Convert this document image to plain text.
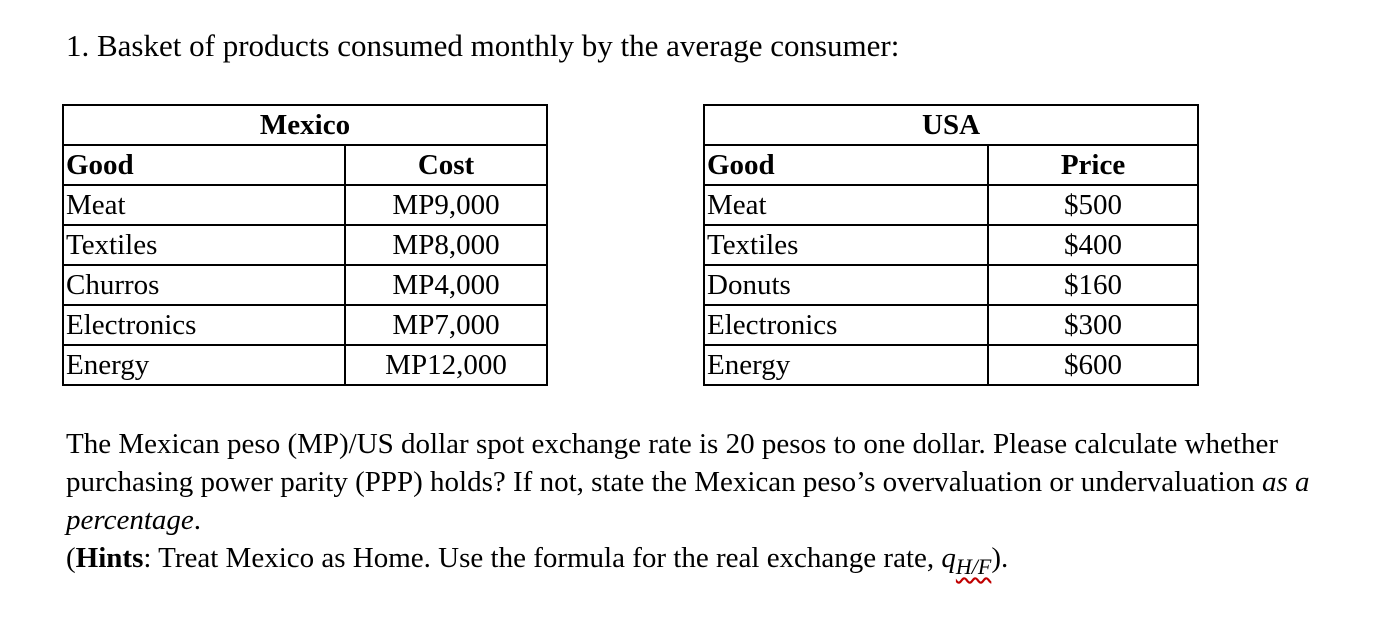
1. Basket of products consumed monthly by the average consumer:
Mexico	
Good	Cost
Meat	MP9,000
Textiles	MP8,000
Churros	MP4,000
Electronics	MP7,000
Energy	MP12,000
USA	
Good	Price
Meat	$500
Textiles	$400
Donuts	$160
Electronics	$300
Energy	$600

The Mexican peso (MP)/US dollar spot exchange rate is 20 pesos to one dollar. Please calculate whether purchasing power parity (PPP) holds? If not, state the Mexican peso’s overvaluation or undervaluation as a percentage.

(Hints: Treat Mexico as Home. Use the formula for the real exchange rate, $q_{H/F}$).
